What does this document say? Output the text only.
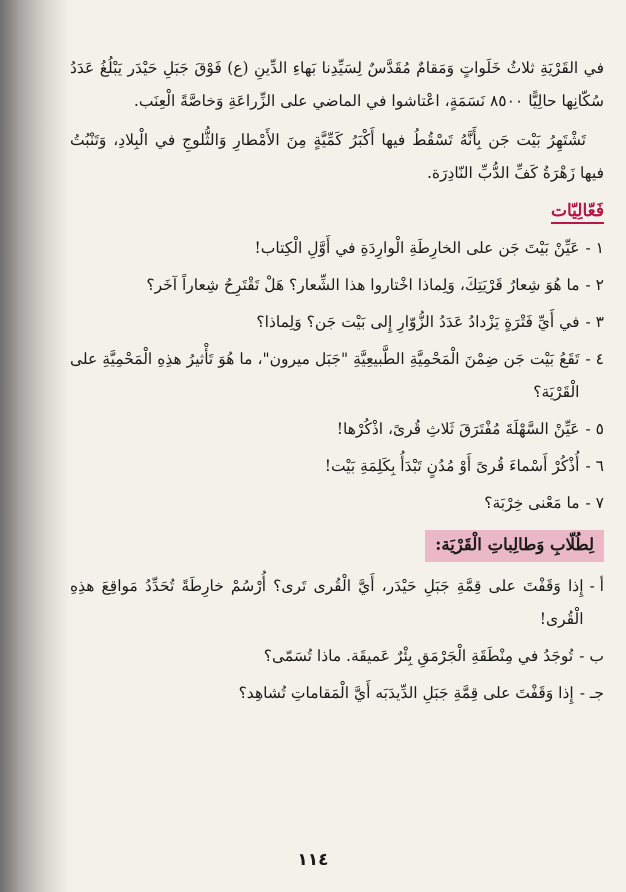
في القَرْيَةِ ثلاثُ خَلَواتٍ وَمَقامٌ مُقَدَّسٌ لِسَيِّدِنا بَهاءِ الدِّينِ (ع) فَوْقَ جَبَلِ حَيْدَر يَبْلُغُ عَدَدُ سُكّانِها حالِيًّا ٨٥٠٠ نَسَمَةٍ، اعْتاشوا في الماضي على الزِّراعَةِ وَخاصَّةً الْعِنَب.

تَشْتَهِرُ بَيْت جَن بِأَنَّهُ تَسْقُطُ فيها أَكْبَرُ كَمِّيَّةٍ مِنَ الأَمْطارِ وَالثُّلوجِ في الْبِلادِ، وَتَنْبُتُ فيها زَهْرَةُ كَفِّ الدُّبِّ النّادِرَة.

فَعّالِيّات
١ -
عَيِّنْ بَيْتَ جَن على الخارِطَةِ الْوارِدَةِ في أَوَّلِ الْكِتاب!
٢ -
ما هُوَ شِعارُ قَرْيَتِكَ، وَلِماذا اخْتاروا هذا الشِّعار؟ هَلْ تَقْتَرِحُ شِعاراً آخَر؟
٣ -
في أَيِّ فَتْرَةٍ يَزْدادُ عَدَدُ الزُّوّارِ إِلى بَيْت جَن؟ وَلِماذا؟
٤ -
تَقَعُ بَيْت جَن ضِمْنَ الْمَحْمِيَّةِ الطَّبيعِيَّةِ "جَبَل ميرون"، ما هُوَ تَأْثيرُ هذِهِ الْمَحْمِيَّةِ على الْقَرْيَة؟
٥ -
عَيِّنْ السَّهْلَةَ مُفْتَرَقَ ثَلاثِ قُرىً، اذْكُرْها!
٦ -
أُذْكُرْ أَسْماءَ قُرىً أَوْ مُدُنٍ تَبْدَأُ بِكَلِمَةِ بَيْت!
٧ -
ما مَعْنى خِرْبَة؟
لِطُلّابِ وَطالِباتِ الْقَرْيَة:
أ -
إِذا وَقَفْتَ على قِمَّةِ جَبَلِ حَيْدَر، أَيَّ الْقُرى تَرى؟ أُرْسُمْ خارِطَةً تُحَدِّدُ مَواقِعَ هذِهِ الْقُرى!
ب -
تُوجَدُ في مِنْطَقَةِ الْجَرْمَقِ بِئْرٌ عَميقَة. ماذا تُسَمّى؟
جـ -
إِذا وَقَفْتَ على قِمَّةِ جَبَلِ الدِّيدَبَه أَيَّ الْمَقاماتِ تُشاهِد؟
١١٤
